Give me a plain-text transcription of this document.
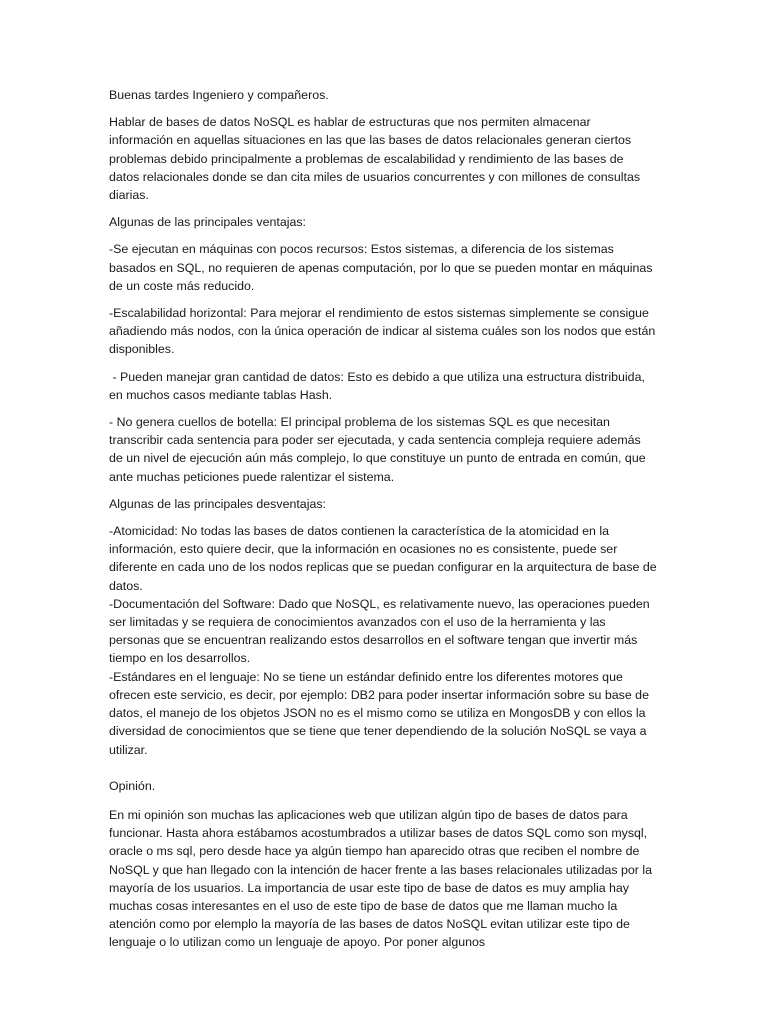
Buenas tardes Ingeniero y compañeros.

Hablar de bases de datos NoSQL es hablar de estructuras que nos permiten almacenar información en aquellas situaciones en las que las bases de datos relacionales generan ciertos problemas debido principalmente a problemas de escalabilidad y rendimiento de las bases de datos relacionales donde se dan cita miles de usuarios concurrentes y con millones de consultas diarias.

Algunas de las principales ventajas:

-Se ejecutan en máquinas con pocos recursos: Estos sistemas, a diferencia de los sistemas basados en SQL, no requieren de apenas computación, por lo que se pueden montar en máquinas de un coste más reducido.

-Escalabilidad horizontal: Para mejorar el rendimiento de estos sistemas simplemente se consigue añadiendo más nodos, con la única operación de indicar al sistema cuáles son los nodos que están disponibles.

- Pueden manejar gran cantidad de datos: Esto es debido a que utiliza una estructura distribuida, en muchos casos mediante tablas Hash.

- No genera cuellos de botella: El principal problema de los sistemas SQL es que necesitan transcribir cada sentencia para poder ser ejecutada, y cada sentencia compleja requiere además de un nivel de ejecución aún más complejo, lo que constituye un punto de entrada en común, que ante muchas peticiones puede ralentizar el sistema.

Algunas de las principales desventajas:

-Atomicidad: No todas las bases de datos contienen la característica de la atomicidad en la información, esto quiere decir, que la información en ocasiones no es consistente, puede ser diferente en cada uno de los nodos replicas que se puedan configurar en la arquitectura de base de datos.

-Documentación del Software: Dado que NoSQL, es relativamente nuevo, las operaciones pueden ser limitadas y se requiera de conocimientos avanzados con el uso de la herramienta y las personas que se encuentran realizando estos desarrollos en el software tengan que invertir más tiempo en los desarrollos.

-Estándares en el lenguaje: No se tiene un estándar definido entre los diferentes motores que ofrecen este servicio, es decir, por ejemplo: DB2 para poder insertar información sobre su base de datos, el manejo de los objetos JSON no es el mismo como se utiliza en MongosDB y con ellos la diversidad de conocimientos que se tiene que tener dependiendo de la solución NoSQL se vaya a utilizar.

Opinión.

En mi opinión son muchas las aplicaciones web que utilizan algún tipo de bases de datos para funcionar. Hasta ahora estábamos acostumbrados a utilizar bases de datos SQL como son mysql, oracle o ms sql, pero desde hace ya algún tiempo han aparecido otras que reciben el nombre de NoSQL y que han llegado con la intención de hacer frente a las bases relacionales utilizadas por la mayoría de los usuarios. La importancia de usar este tipo de base de datos es muy amplia hay muchas cosas interesantes en el uso de este tipo de base de datos que me llaman mucho la atención como por elemplo la mayoría de las bases de datos NoSQL evitan utilizar este tipo de lenguaje o lo utilizan como un lenguaje de apoyo. Por poner algunos
